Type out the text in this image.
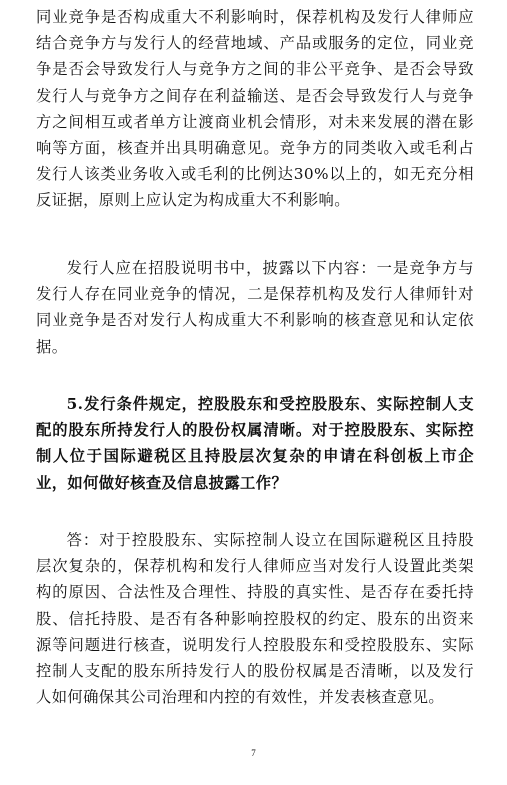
同业竞争是否构成重大不利影响时，保荐机构及发行人律师应结合竞争方与发行人的经营地域、产品或服务的定位，同业竞争是否会导致发行人与竞争方之间的非公平竞争、是否会导致发行人与竞争方之间存在利益输送、是否会导致发行人与竞争方之间相互或者单方让渡商业机会情形，对未来发展的潜在影响等方面，核查并出具明确意见。竞争方的同类收入或毛利占发行人该类业务收入或毛利的比例达30%以上的，如无充分相反证据，原则上应认定为构成重大不利影响。

发行人应在招股说明书中，披露以下内容：一是竞争方与发行人存在同业竞争的情况，二是保荐机构及发行人律师针对同业竞争是否对发行人构成重大不利影响的核查意见和认定依据。

5.发行条件规定，控股股东和受控股股东、实际控制人支配的股东所持发行人的股份权属清晰。对于控股股东、实际控制人位于国际避税区且持股层次复杂的申请在科创板上市企业，如何做好核查及信息披露工作？

答：对于控股股东、实际控制人设立在国际避税区且持股层次复杂的，保荐机构和发行人律师应当对发行人设置此类架构的原因、合法性及合理性、持股的真实性、是否存在委托持股、信托持股、是否有各种影响控股权的约定、股东的出资来源等问题进行核查，说明发行人控股股东和受控股股东、实际控制人支配的股东所持发行人的股份权属是否清晰，以及发行人如何确保其公司治理和内控的有效性，并发表核查意见。

7
